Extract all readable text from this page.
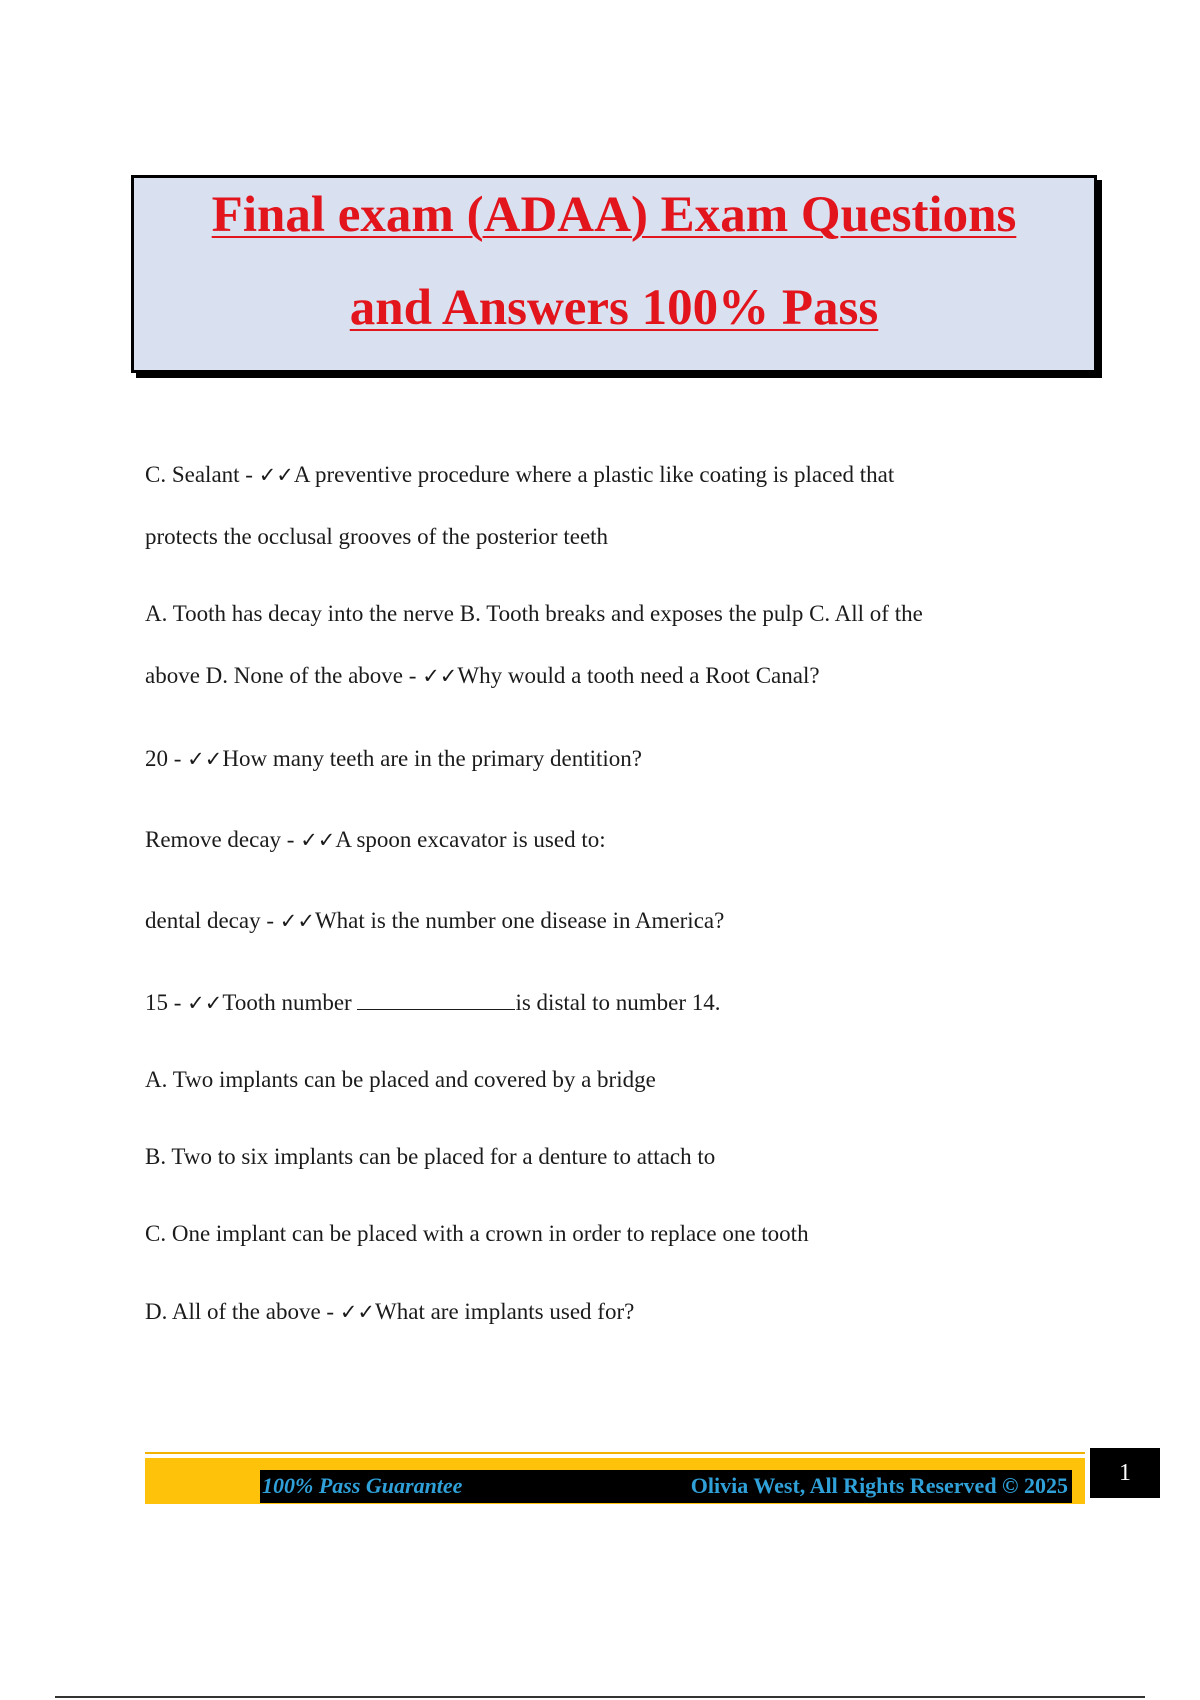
Final exam (ADAA) Exam Questions
and Answers 100% Pass
C. Sealant - ✓✓A preventive procedure where a plastic like coating is placed that
protects the occlusal grooves of the posterior teeth
A. Tooth has decay into the nerve B. Tooth breaks and exposes the pulp C. All of the
above D. None of the above - ✓✓Why would a tooth need a Root Canal?
20 - ✓✓How many teeth are in the primary dentition?
Remove decay - ✓✓A spoon excavator is used to:
dental decay - ✓✓What is the number one disease in America?
15 - ✓✓Tooth number	is distal to number 14.
A. Two implants can be placed and covered by a bridge
B. Two to six implants can be placed for a denture to attach to
C. One implant can be placed with a crown in order to replace one tooth
D. All of the above - ✓✓What are implants used for?
100% Pass Guarantee	Olivia West, All Rights Reserved © 2025	1
